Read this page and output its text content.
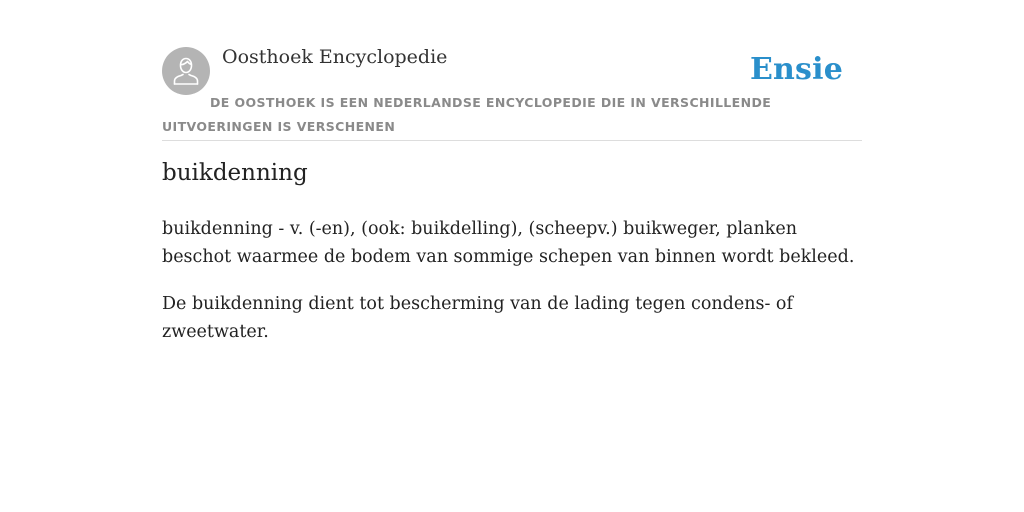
Oosthoek Encyclopedie	Ensie
DE OOSTHOEK IS EEN NEDERLANDSE ENCYCLOPEDIE DIE IN VERSCHILLENDE UITVOERINGEN IS VERSCHENEN
buikdenning

buikdenning - v. (-en), (ook: buikdelling), (scheepv.) buikweger, planken beschot waarmee de bodem van sommige schepen van binnen wordt bekleed.

De buikdenning dient tot bescherming van de lading tegen condens- of zweetwater.
